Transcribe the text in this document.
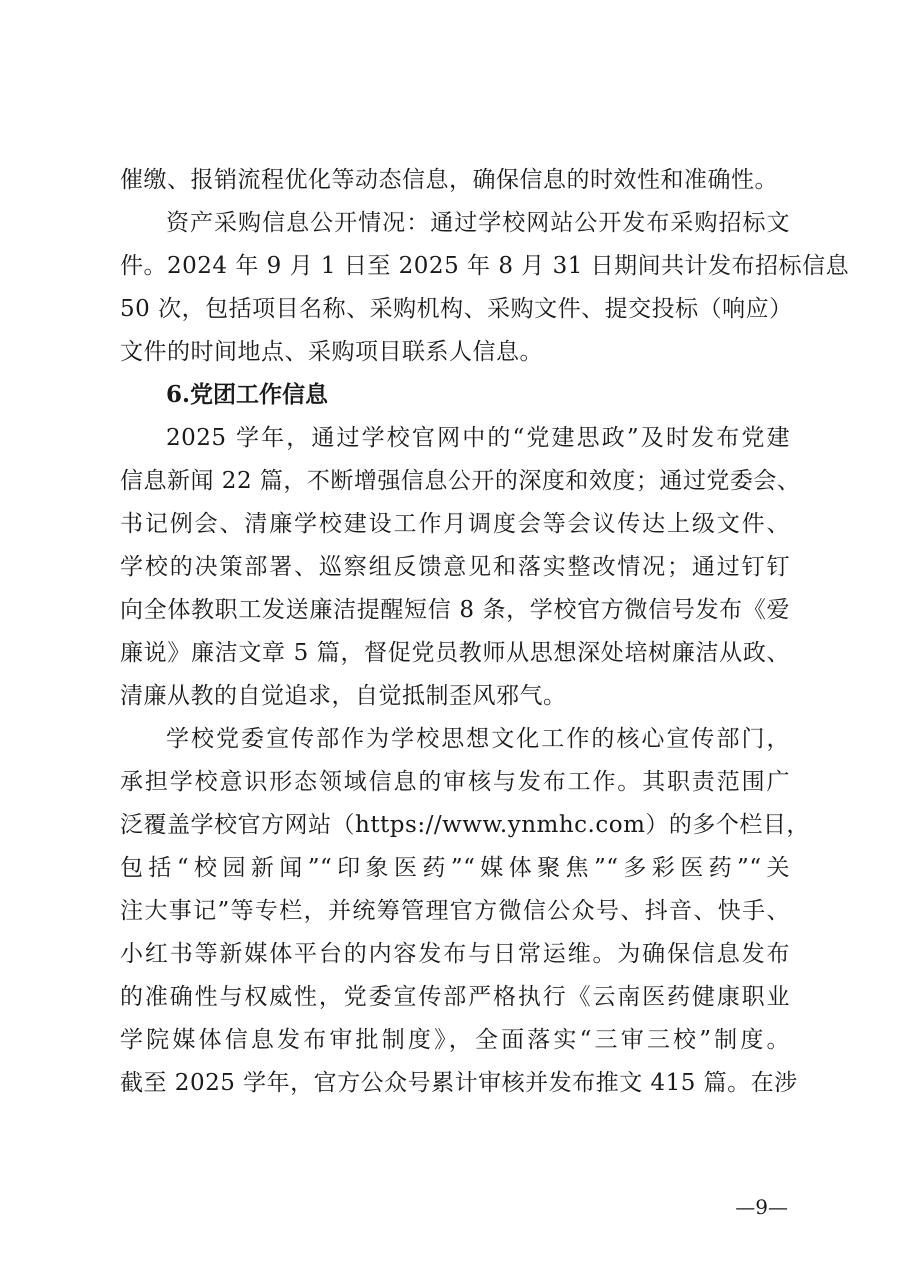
催缴、报销流程优化等动态信息，确保信息的时效性和准确性。
资产采购信息公开情况：通过学校网站公开发布采购招标文
件。2024 年 9 月 1 日至 2025 年 8 月 31 日期间共计发布招标信息
50 次，包括项目名称、采购机构、采购文件、提交投标（响应）
文件的时间地点、采购项目联系人信息。
6.党团工作信息
2025 学年，通过学校官网中的“党建思政”及时发布党建
信息新闻 22 篇，不断增强信息公开的深度和效度；通过党委会、
书记例会、清廉学校建设工作月调度会等会议传达上级文件、
学校的决策部署、巡察组反馈意见和落实整改情况；通过钉钉
向全体教职工发送廉洁提醒短信 8 条，学校官方微信号发布《爱
廉说》廉洁文章 5 篇，督促党员教师从思想深处培树廉洁从政、
清廉从教的自觉追求，自觉抵制歪风邪气。
学校党委宣传部作为学校思想文化工作的核心宣传部门，
承担学校意识形态领域信息的审核与发布工作。其职责范围广
泛覆盖学校官方网站（https://www.ynmhc.com）的多个栏目，
包括“校园新闻”“印象医药”“媒体聚焦”“多彩医药”“关
注大事记”等专栏，并统筹管理官方微信公众号、抖音、快手、
小红书等新媒体平台的内容发布与日常运维。为确保信息发布
的准确性与权威性，党委宣传部严格执行《云南医药健康职业
学院媒体信息发布审批制度》，全面落实“三审三校”制度。
截至 2025 学年，官方公众号累计审核并发布推文 415 篇。在涉
—9—
